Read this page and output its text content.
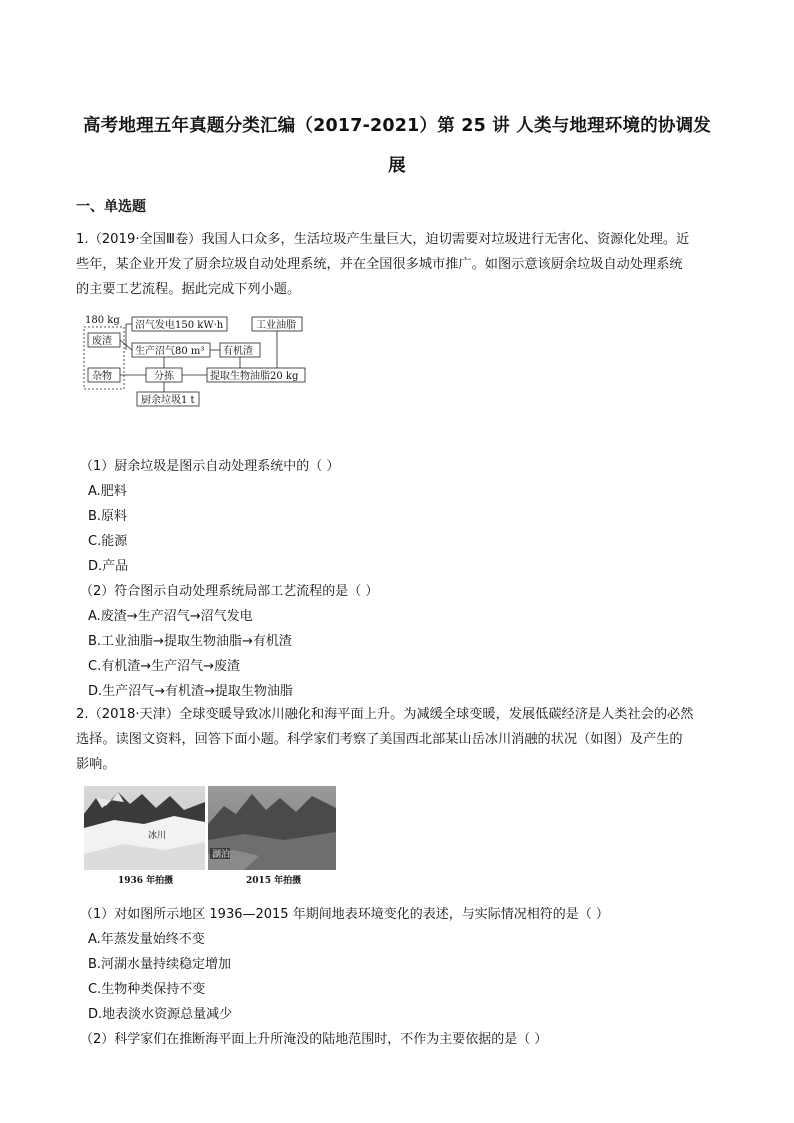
高考地理五年真题分类汇编（2017-2021）第 25 讲 人类与地理环境的协调发
展
一、单选题
1.（2019·全国Ⅲ卷）我国人口众多，生活垃圾产生量巨大，迫切需要对垃圾进行无害化、资源化处理。近
些年，某企业开发了厨余垃圾自动处理系统，并在全国很多城市推广。如图示意该厨余垃圾自动处理系统
的主要工艺流程。据此完成下列小题。
180 kg
废渣
杂物
沼气发电150 kW·h
生产沼气80 m³ 有机渣
工业油脂
分拣	提取生物油脂20 kg
厨余垃圾1 t
（1）厨余垃圾是图示自动处理系统中的（ ）
A.肥料
B.原料
C.能源
D.产品
（2）符合图示自动处理系统局部工艺流程的是（ ）
A.废渣→生产沼气→沼气发电
B.工业油脂→提取生物油脂→有机渣
C.有机渣→生产沼气→废渣
D.生产沼气→有机渣→提取生物油脂
2.（2018·天津）全球变暖导致冰川融化和海平面上升。为减缓全球变暖，发展低碳经济是人类社会的必然
选择。读图文资料，回答下面小题。科学家们考察了美国西北部某山岳冰川消融的状况（如图）及产生的
影响。
冰川
湖泊
1936 年拍摄	2015 年拍摄
（1）对如图所示地区 1936—2015 年期间地表环境变化的表述，与实际情况相符的是（ ）
A.年蒸发量始终不变
B.河湖水量持续稳定增加
C.生物种类保持不变
D.地表淡水资源总量减少
（2）科学家们在推断海平面上升所淹没的陆地范围时，不作为主要依据的是（ ）
